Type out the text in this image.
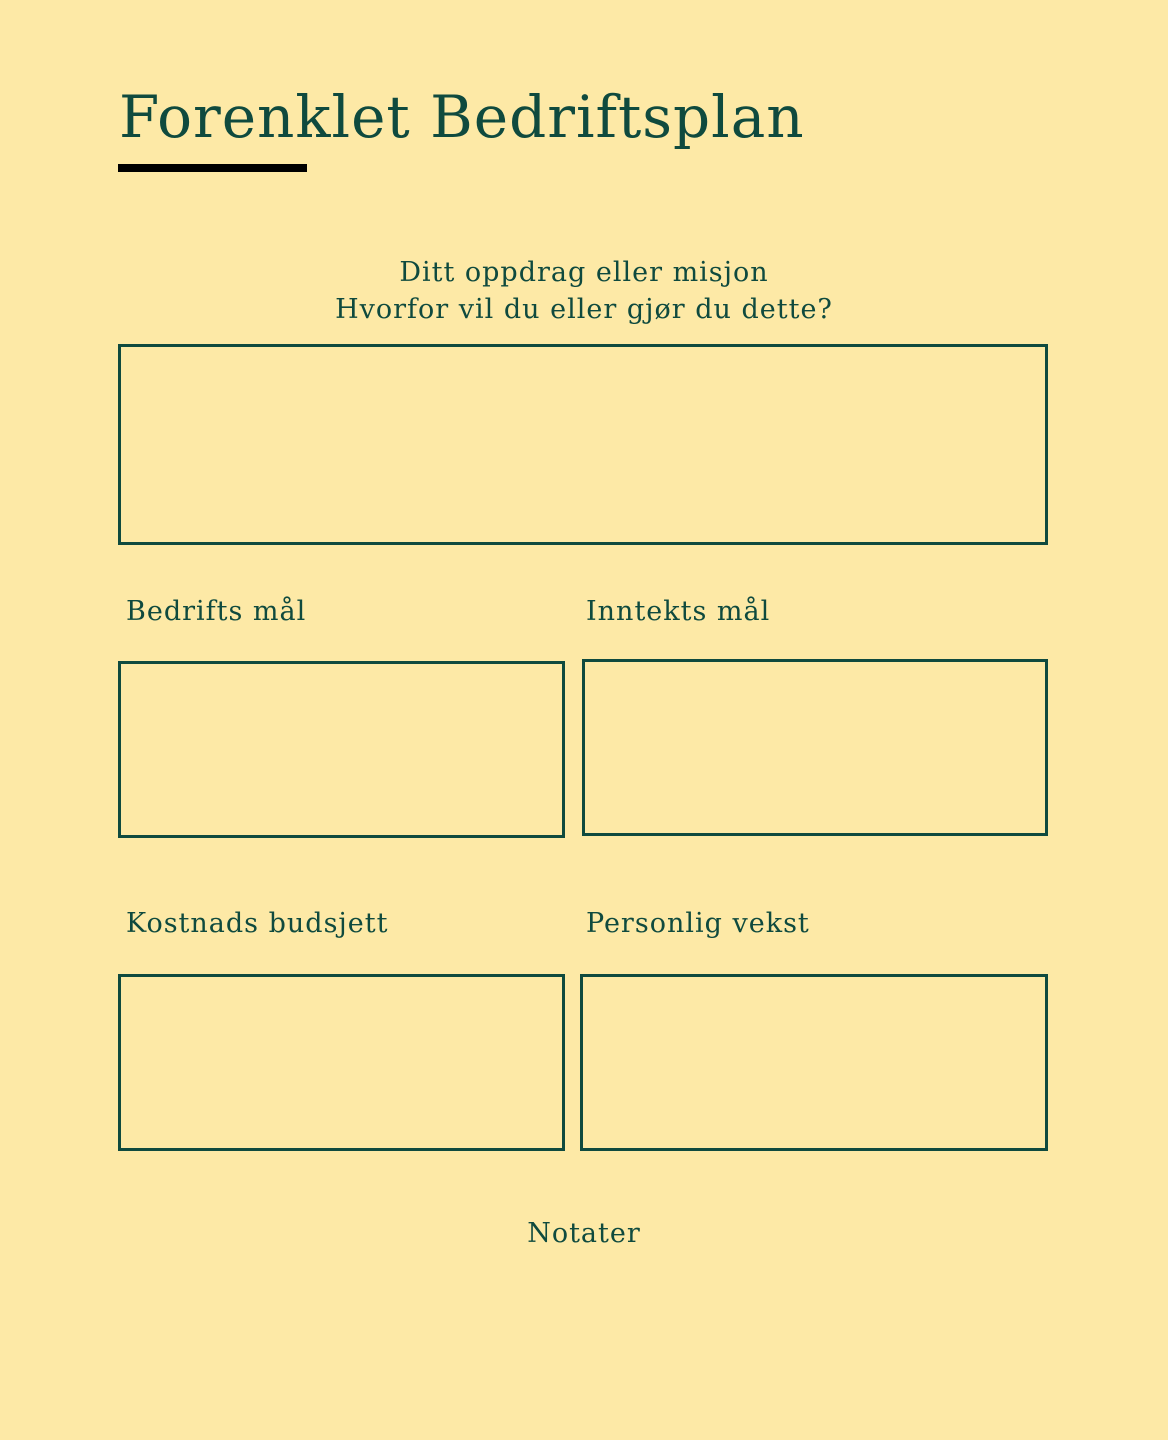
Forenklet Bedriftsplan
Ditt oppdrag eller misjon
Hvorfor vil du eller gjør du dette?
Bedrifts mål	Inntekts mål
Kostnads budsjett	Personlig vekst
Notater
